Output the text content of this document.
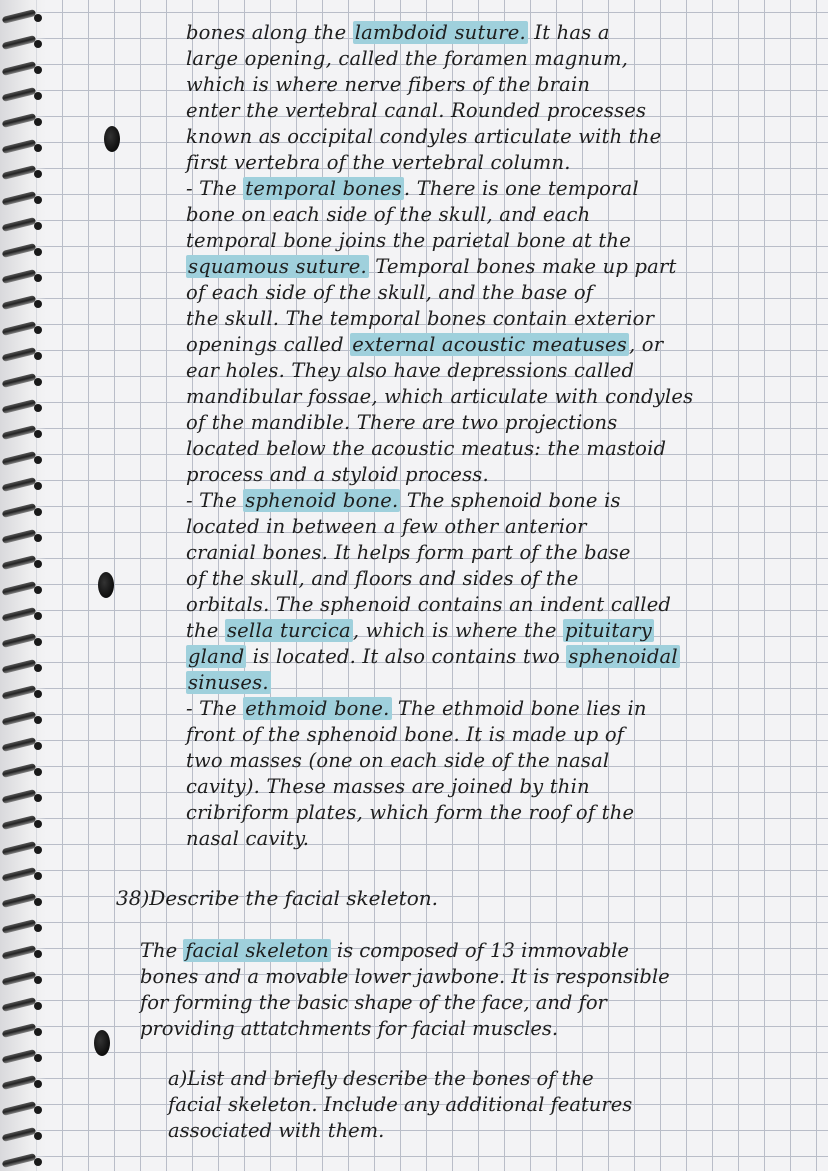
bones along the lambdoid suture. It has a
large opening, called the foramen magnum,
which is where nerve fibers of the brain
enter the vertebral canal. Rounded processes
known as occipital condyles articulate with the
first vertebra of the vertebral column.
- The temporal bones . There is one temporal
bone on each side of the skull, and each
temporal bone joins the parietal bone at the
squamous suture. Temporal bones make up part
of each side of the skull, and the base of
the skull. The temporal bones contain exterior
openings called external acoustic meatuses , or
ear holes. They also have depressions called
mandibular fossae, which articulate with condyles
of the mandible. There are two projections
located below the acoustic meatus: the mastoid
process and a styloid process.
- The sphenoid bone. The sphenoid bone is
located in between a few other anterior
cranial bones. It helps form part of the base
of the skull, and floors and sides of the
orbitals. The sphenoid contains an indent called
the sella turcica , which is where the pituitary
gland is located. It also contains two sphenoidal
sinuses.
- The ethmoid bone. The ethmoid bone lies in
front of the sphenoid bone. It is made up of
two masses (one on each side of the nasal
cavity). These masses are joined by thin
cribriform plates, which form the roof of the
nasal cavity.
38)Describe the facial skeleton.
The facial skeleton is composed of 13 immovable
bones and a movable lower jawbone. It is responsible
for forming the basic shape of the face, and for
providing attatchments for facial muscles.
a)List and briefly describe the bones of the
facial skeleton. Include any additional features
associated with them.
